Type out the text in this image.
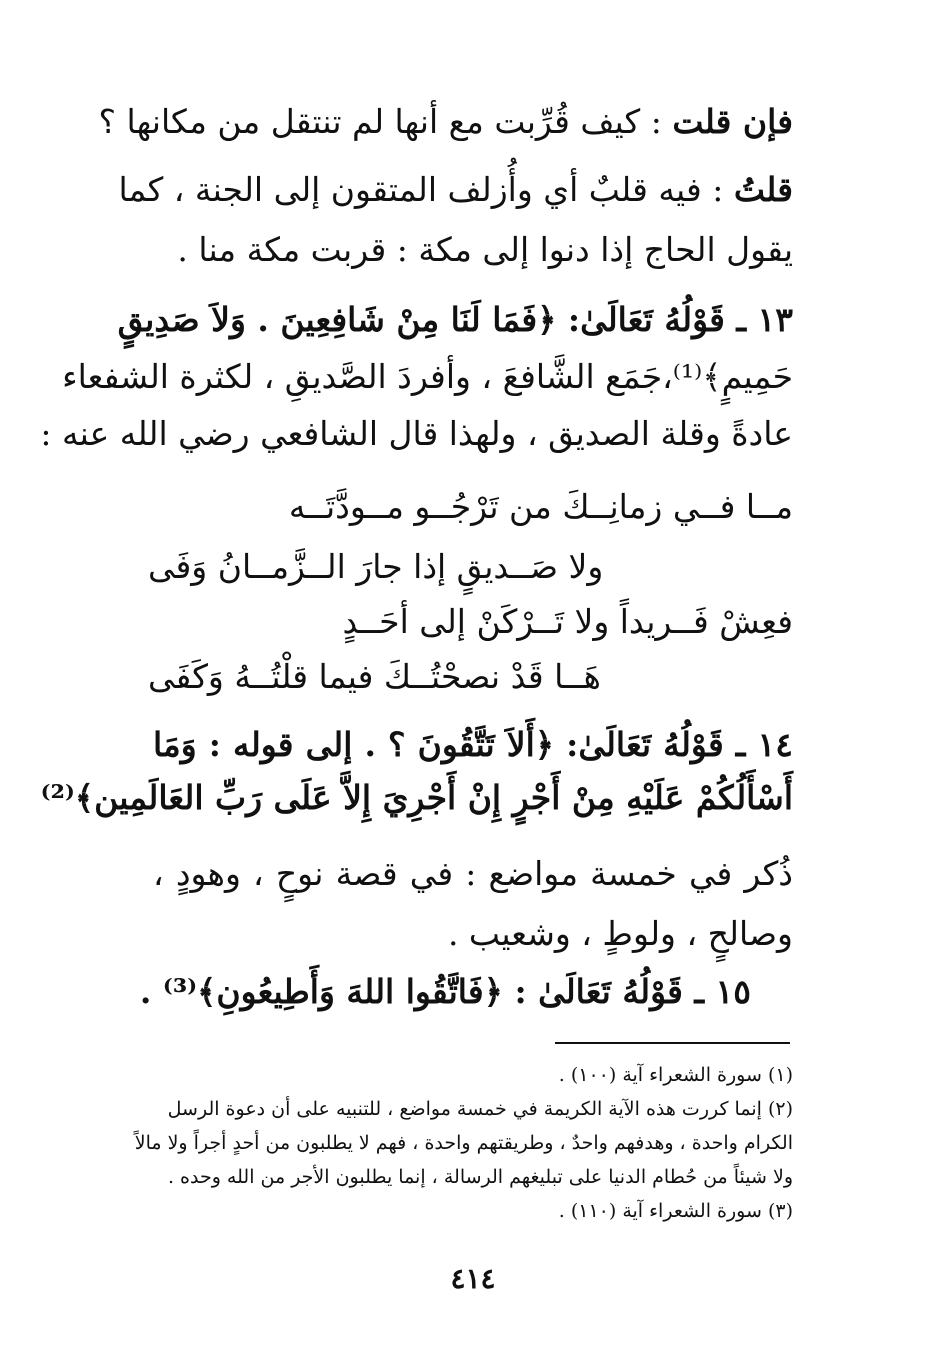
فإن قلت : كيف قُرِّبت مع أنها لم تنتقل من مكانها ؟
قلتُ : فيه قلبٌ أي وأُزلف المتقون إلى الجنة ، كما
يقول الحاج إذا دنوا إلى مكة : قربت مكة منا .
١٣ ـ قَوْلُهُ تَعَالَىٰ: ﴿فَمَا لَنَا مِنْ شَافِعِينَ . وَلاَ صَدِيقٍ
حَمِيمٍ﴾⁽¹⁾،جَمَع الشَّافعَ ، وأفردَ الصَّديقِ ، لكثرة الشفعاء
عادةً وقلة الصديق ، ولهذا قال الشافعي رضي الله عنه :
مــا فــي زمانِــكَ من تَرْجُــو مــودَّتَــه
ولا صَــديقٍ إذا جارَ الــزَّمــانُ وَفَى
فعِشْ فَــريداً ولا تَــرْكَنْ إلى أحَــدٍ
هَــا قَدْ نصحْتُــكَ فيما قلْتُــهُ وَكَفَى
١٤ ـ قَوْلُهُ تَعَالَىٰ: ﴿أَلاَ تَتَّقُونَ ؟ . إلى قوله : وَمَا
أَسْأَلُكُمْ عَلَيْهِ مِنْ أَجْرٍ إِنْ أَجْرِيَ إِلاَّ عَلَى رَبِّ العَالَمِين﴾⁽²⁾
ذُكر في خمسة مواضع : في قصة نوحٍ ، وهودٍ ،
وصالحٍ ، ولوطٍ ، وشعيب .
١٥ ـ قَوْلُهُ تَعَالَىٰ : ﴿فَاتَّقُوا اللهَ وَأَطِيعُونِ﴾⁽³⁾ .
(١) سورة الشعراء آية (١٠٠) .
(٢) إنما كررت هذه الآية الكريمة في خمسة مواضع ، للتنبيه على أن دعوة الرسل
الكرام واحدة ، وهدفهم واحدٌ ، وطريقتهم واحدة ، فهم لا يطلبون من أحدٍ أجراً ولا مالاً
ولا شيئاً من حُطام الدنيا على تبليغهم الرسالة ، إنما يطلبون الأجر من الله وحده .
(٣) سورة الشعراء آية (١١٠) .
٤١٤
